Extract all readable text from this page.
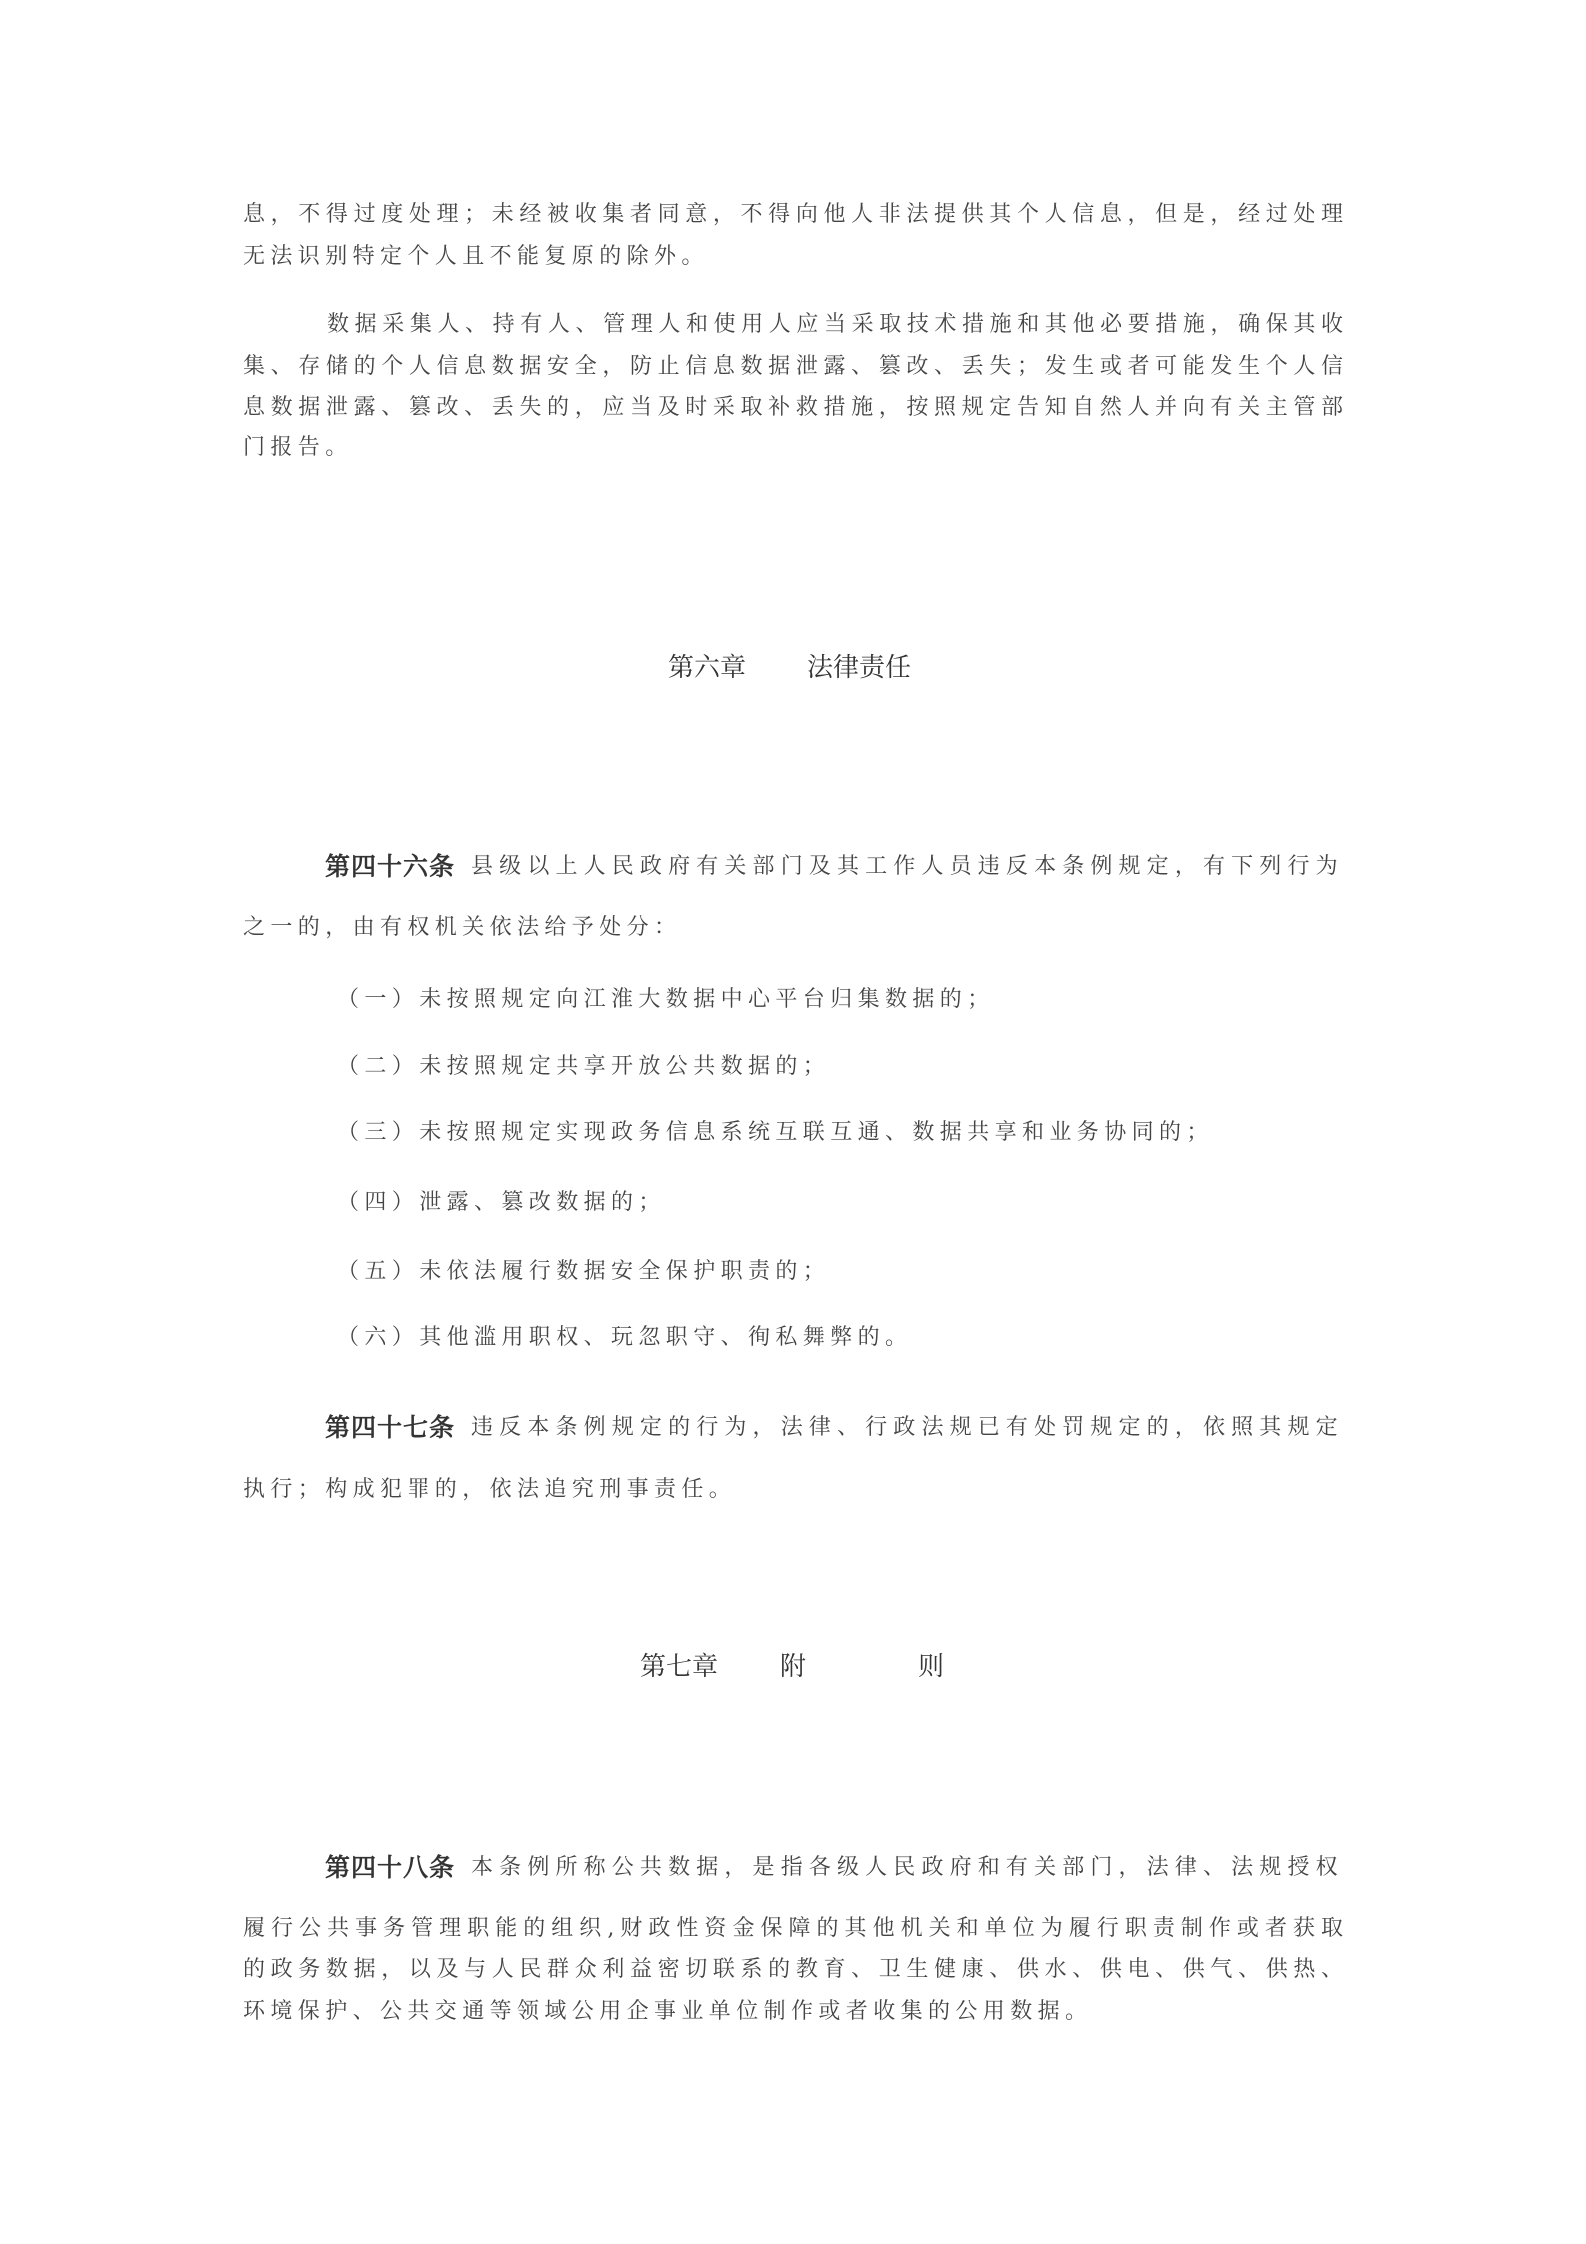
息，不得过度处理；未经被收集者同意，不得向他人非法提供其个人信息，但是，经过处理
无法识别特定个人且不能复原的除外。
数据采集人、持有人、管理人和使用人应当采取技术措施和其他必要措施，确保其收
集、存储的个人信息数据安全，防止信息数据泄露、篡改、丢失；发生或者可能发生个人信
息数据泄露、篡改、丢失的，应当及时采取补救措施，按照规定告知自然人并向有关主管部
门报告。
第六章 法律责任
第四十六条 县级以上人民政府有关部门及其工作人员违反本条例规定，有下列行为
之一的，由有权机关依法给予处分：
（一）未按照规定向江淮大数据中心平台归集数据的；
（二）未按照规定共享开放公共数据的；
（三）未按照规定实现政务信息系统互联互通、数据共享和业务协同的；
（四）泄露、篡改数据的；
（五）未依法履行数据安全保护职责的；
（六）其他滥用职权、玩忽职守、徇私舞弊的。
第四十七条 违反本条例规定的行为，法律、行政法规已有处罚规定的，依照其规定
执行；构成犯罪的，依法追究刑事责任。
第七章 附	则
第四十八条 本条例所称公共数据，是指各级人民政府和有关部门，法律、法规授权
履行公共事务管理职能的组织,财政性资金保障的其他机关和单位为履行职责制作或者获取
的政务数据，以及与人民群众利益密切联系的教育、卫生健康、供水、供电、供气、供热、
环境保护、公共交通等领域公用企事业单位制作或者收集的公用数据。
